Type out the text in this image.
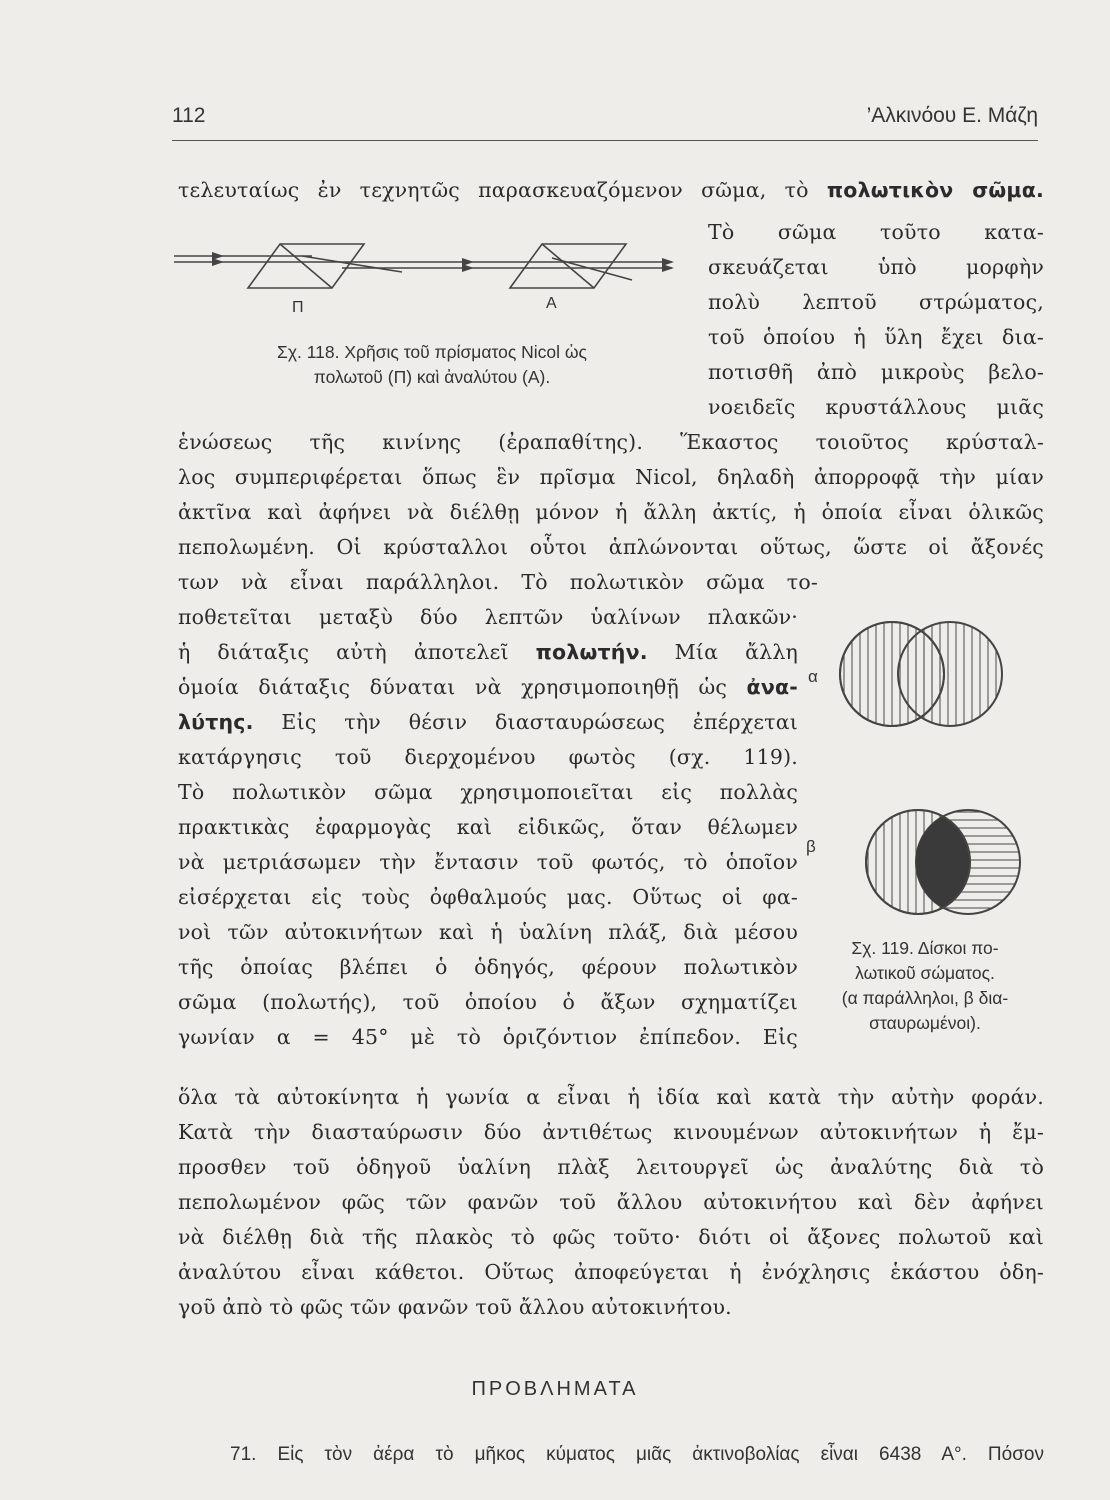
112	’Αλκινόου Ε. Μάζη
τελευταίως ἐν τεχνητῶς παρασκευαζόμενον σῶμα, τὸ πολωτικὸν σῶμα.
Π	Α
Σχ. 118. Χρῆσις τοῦ πρίσματος Nicol ὡς
πολωτοῦ (Π) καὶ ἀναλύτου (Α).
Τὸ σῶμα τοῦτο κατα-
σκευάζεται ὑπὸ μορφὴν
πολὺ λεπτοῦ στρώματος,
τοῦ ὁποίου ἡ ὕλη ἔχει δια-
ποτισθῆ ἀπὸ μικροὺς βελο-
νοειδεῖς κρυστάλλους μιᾶς
ἑνώσεως τῆς κινίνης (ἐραπαθίτης). Ἕκαστος τοιοῦτος κρύσταλ-
λος συμπεριφέρεται ὅπως ἓν πρῖσμα Nicol, δηλαδὴ ἀπορροφᾷ τὴν μίαν
ἀκτῖνα καὶ ἀφήνει νὰ διέλθῃ μόνον ἡ ἄλλη ἀκτίς, ἡ ὁποία εἶναι ὁλικῶς
πεπολωμένη. Οἱ κρύσταλλοι οὗτοι ἁπλώνονται οὕτως, ὥστε οἱ ἄξονές
των νὰ εἶναι παράλληλοι. Τὸ πολωτικὸν σῶμα το-
ποθετεῖται μεταξὺ δύο λεπτῶν ὑαλίνων πλακῶν·
ἡ διάταξις αὐτὴ ἀποτελεῖ πολωτήν. Μία ἄλλη
ὁμοία διάταξις δύναται νὰ χρησιμοποιηθῇ ὡς ἀνα-
λύτης. Εἰς τὴν θέσιν διασταυρώσεως ἐπέρχεται
κατάργησις τοῦ διερχομένου φωτὸς (σχ. 119).
Τὸ πολωτικὸν σῶμα χρησιμοποιεῖται εἰς πολλὰς
πρακτικὰς ἐφαρμογὰς καὶ εἰδικῶς, ὅταν θέλωμεν
νὰ μετριάσωμεν τὴν ἔντασιν τοῦ φωτός, τὸ ὁποῖον
εἰσέρχεται εἰς τοὺς ὀφθαλμούς μας. Οὕτως οἱ φα-
νοὶ τῶν αὐτοκινήτων καὶ ἡ ὑαλίνη πλάξ, διὰ μέσου
τῆς ὁποίας βλέπει ὁ ὁδηγός, φέρουν πολωτικὸν
σῶμα (πολωτής), τοῦ ὁποίου ὁ ἄξων σχηματίζει
γωνίαν α = 45° μὲ τὸ ὁριζόντιον ἐπίπεδον. Εἰς
α
β
Σχ. 119. Δίσκοι πο-
λωτικοῦ σώματος.
(α παράλληλοι, β δια-
σταυρωμένοι).
ὅλα τὰ αὐτοκίνητα ἡ γωνία α εἶναι ἡ ἰδία καὶ κατὰ τὴν αὐτὴν φοράν.
Κατὰ τὴν διασταύρωσιν δύο ἀντιθέτως κινουμένων αὐτοκινήτων ἡ ἔμ-
προσθεν τοῦ ὁδηγοῦ ὑαλίνη πλὰξ λειτουργεῖ ὡς ἀναλύτης διὰ τὸ
πεπολωμένον φῶς τῶν φανῶν τοῦ ἄλλου αὐτοκινήτου καὶ δὲν ἀφήνει
νὰ διέλθῃ διὰ τῆς πλακὸς τὸ φῶς τοῦτο· διότι οἱ ἄξονες πολωτοῦ καὶ
ἀναλύτου εἶναι κάθετοι. Οὕτως ἀποφεύγεται ἡ ἐνόχλησις ἑκάστου ὁδη-
γοῦ ἀπὸ τὸ φῶς τῶν φανῶν τοῦ ἄλλου αὐτοκινήτου.
ΠΡΟΒΛΗΜΑΤΑ
71. Εἰς τὸν ἀέρα τὸ μῆκος κύματος μιᾶς ἀκτινοβολίας εἶναι 6438 Α°. Πόσον
